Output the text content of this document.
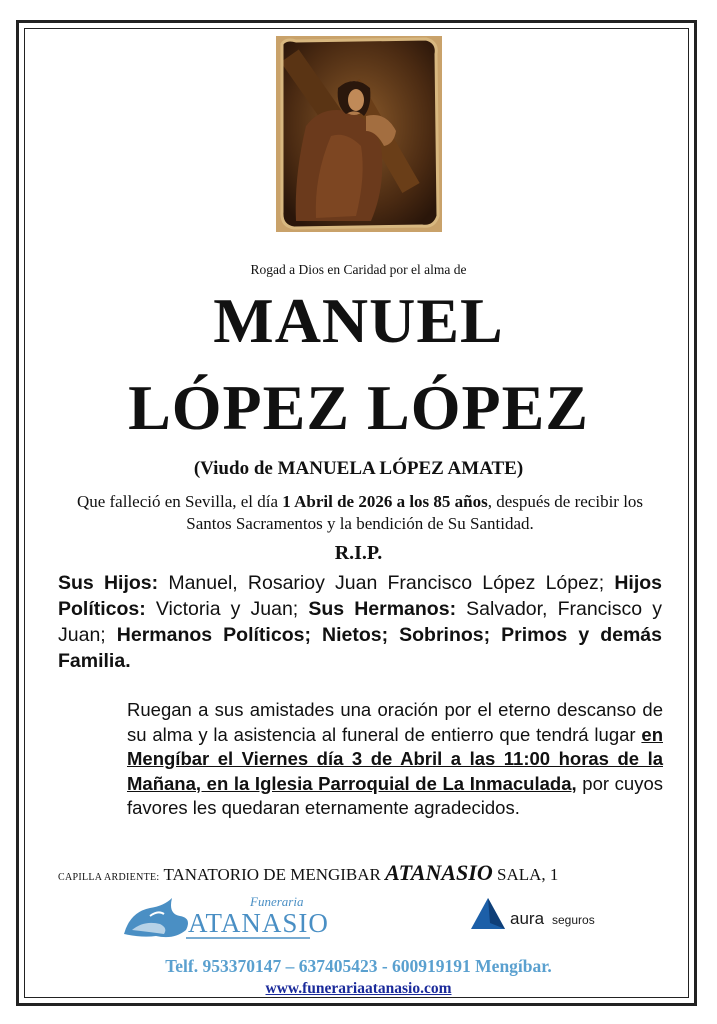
Rogad a Dios en Caridad por el alma de
MANUEL
LÓPEZ LÓPEZ
(Viudo de MANUELA LÓPEZ AMATE)
Que falleció en Sevilla, el día 1 Abril de 2026 a los 85 años, después de recibir los Santos Sacramentos y la bendición de Su Santidad.
R.I.P.
Sus Hijos: Manuel, Rosarioy Juan Francisco López López; Hijos Políticos: Victoria y Juan; Sus Hermanos: Salvador, Francisco y Juan; Hermanos Políticos; Nietos; Sobrinos; Primos y demás Familia.
Ruegan a sus amistades una oración por el eterno descanso de su alma y la asistencia al funeral de entierro que tendrá lugar en Mengíbar el Viernes día 3 de Abril a las 11:00 horas de la Mañana, en la Iglesia Parroquial de La Inmaculada, por cuyos favores les quedaran eternamente agradecidos.
CAPILLA ARDIENTE: TANATORIO DE MENGIBAR ATANASIO SALA, 1
Funeraria
ATANASIO	aura seguros
Telf. 953370147 – 637405423 - 600919191 Mengíbar.
www.funerariaatanasio.com
